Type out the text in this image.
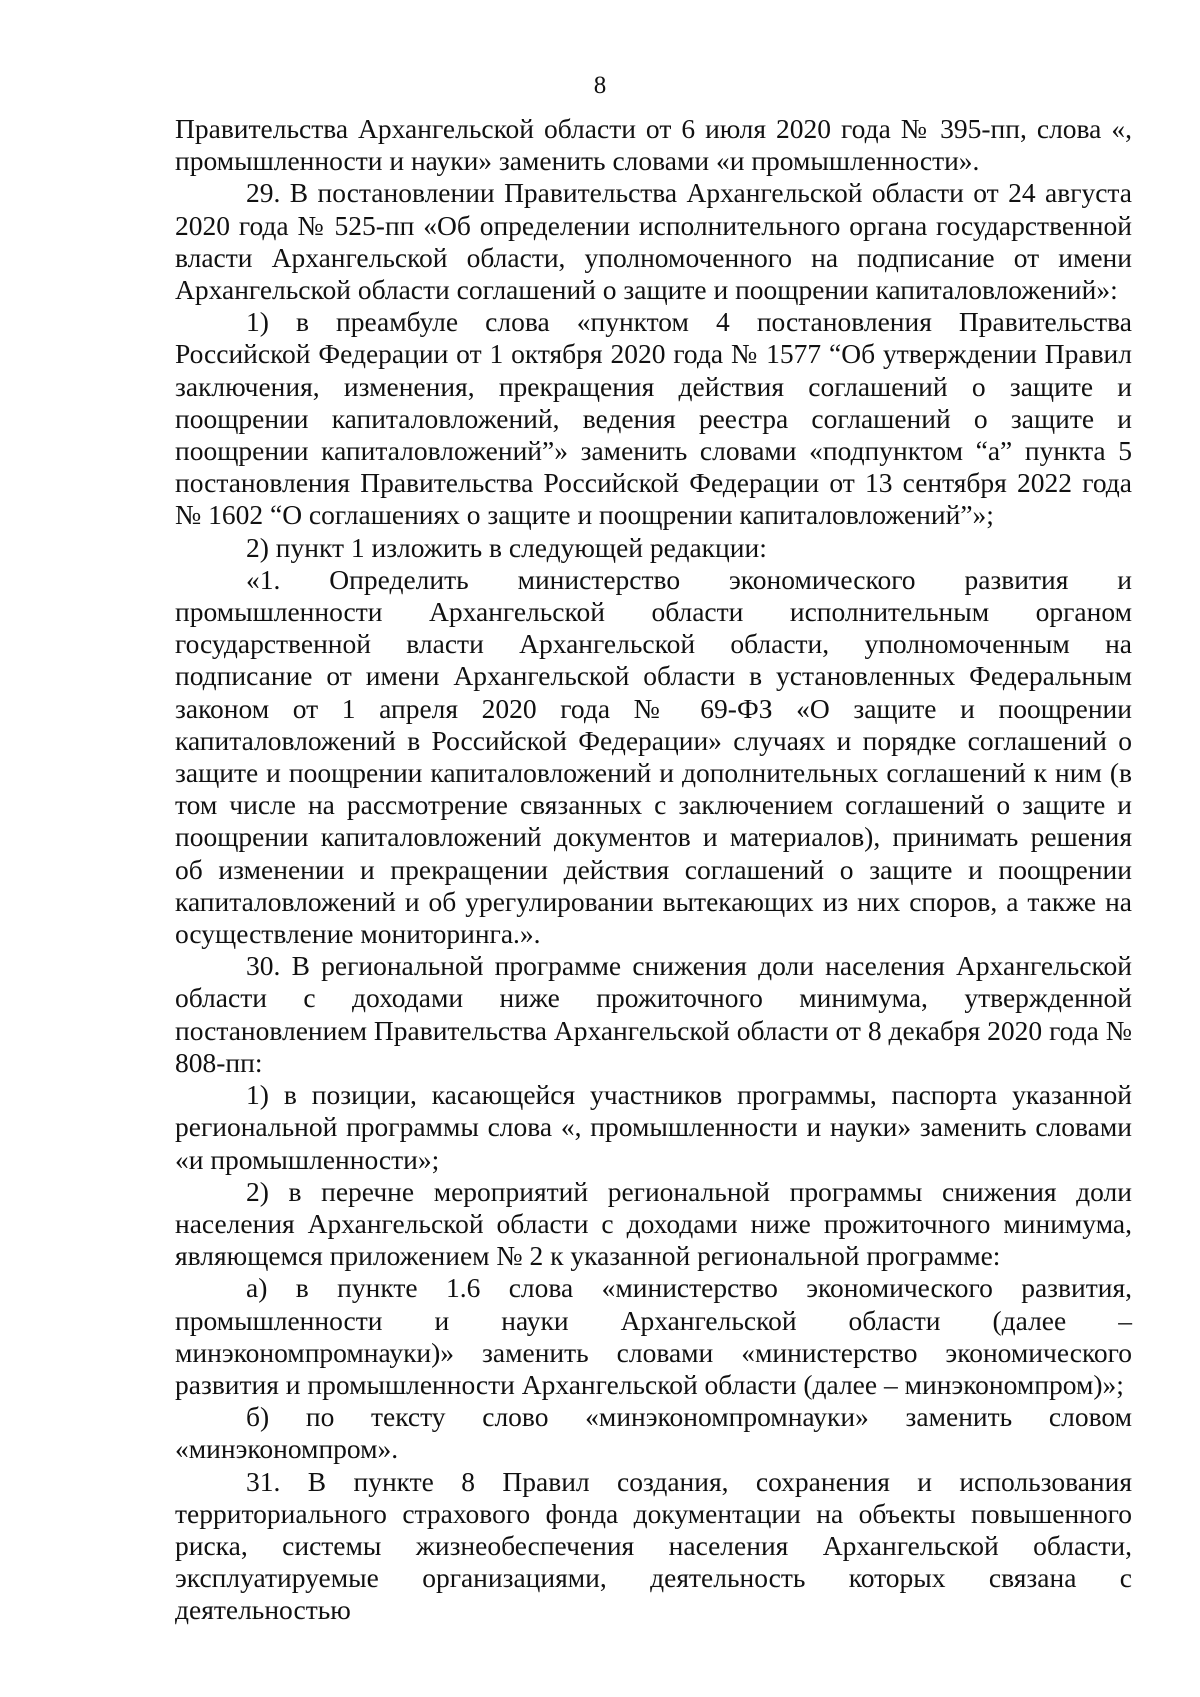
8

Правительства Архангельской области от 6 июля 2020 года № 395-пп, слова «, промышленности и науки» заменить словами «и промышленности».

29. В постановлении Правительства Архангельской области от 24 августа 2020 года № 525-пп «Об определении исполнительного органа государственной власти Архангельской области, уполномоченного на подписание от имени Архангельской области соглашений о защите и поощрении капиталовложений»:

1) в преамбуле слова «пунктом 4 постановления Правительства Российской Федерации от 1 октября 2020 года № 1577 “Об утверждении Правил заключения, изменения, прекращения действия соглашений о защите и поощрении капиталовложений, ведения реестра соглашений о защите и поощрении капиталовложений”» заменить словами «подпунктом “а” пункта 5 постановления Правительства Российской Федерации от 13 сентября 2022 года № 1602 “О соглашениях о защите и поощрении капиталовложений”»;

2) пункт 1 изложить в следующей редакции:

«1. Определить министерство экономического развития и промышленности Архангельской области исполнительным органом государственной власти Архангельской области, уполномоченным на подписание от имени Архангельской области в установленных Федеральным законом от 1 апреля 2020 года № 69-ФЗ «О защите и поощрении капиталовложений в Российской Федерации» случаях и порядке соглашений о защите и поощрении капиталовложений и дополнительных соглашений к ним (в том числе на рассмотрение связанных с заключением соглашений о защите и поощрении капиталовложений документов и материалов), принимать решения об изменении и прекращении действия соглашений о защите и поощрении капиталовложений и об урегулировании вытекающих из них споров, а также на осуществление мониторинга.».

30. В региональной программе снижения доли населения Архангельской области с доходами ниже прожиточного минимума, утвержденной постановлением Правительства Архангельской области от 8 декабря 2020 года № 808-пп:

1) в позиции, касающейся участников программы, паспорта указанной региональной программы слова «, промышленности и науки» заменить словами «и промышленности»;

2) в перечне мероприятий региональной программы снижения доли населения Архангельской области с доходами ниже прожиточного минимума, являющемся приложением № 2 к указанной региональной программе:

а) в пункте 1.6 слова «министерство экономического развития, промышленности и науки Архангельской области (далее – минэкономпромнауки)» заменить словами «министерство экономического развития и промышленности Архангельской области (далее – минэкономпром)»;

б) по тексту слово «минэкономпромнауки» заменить словом «минэкономпром».

31. В пункте 8 Правил создания, сохранения и использования территориального страхового фонда документации на объекты повышенного риска, системы жизнеобеспечения населения Архангельской области, эксплуатируемые организациями, деятельность которых связана с деятельностью
